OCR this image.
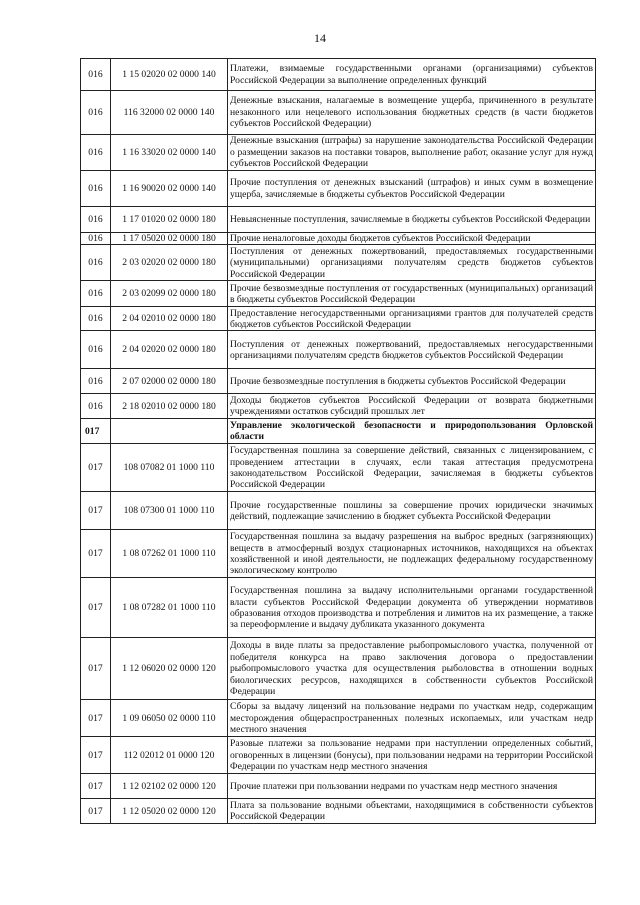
14
016	1 15 02020 02 0000 140	Платежи, взимаемые государственными органами (организациями) субъектов Российской Федерации за выполнение определенных функций
016	116 32000 02 0000 140	Денежные взыскания, налагаемые в возмещение ущерба, причиненного в результате незаконного или нецелевого использования бюджетных средств (в части бюджетов субъектов Российской Федерации)
016	1 16 33020 02 0000 140	Денежные взыскания (штрафы) за нарушение законодательства Российской Федерации о размещении заказов на поставки товаров, выполнение работ, оказание услуг для нужд субъектов Российской Федерации
016	1 16 90020 02 0000 140	Прочие поступления от денежных взысканий (штрафов) и иных сумм в возмещение ущерба, зачисляемые в бюджеты субъектов Российской Федерации
016	1 17 01020 02 0000 180	Невыясненные поступления, зачисляемые в бюджеты субъектов Российской Федерации
016	1 17 05020 02 0000 180	Прочие неналоговые доходы бюджетов субъектов Российской Федерации
016	2 03 02020 02 0000 180	Поступления от денежных пожертвований, предоставляемых государственными (муниципальными) организациями получателям средств бюджетов субъектов Российской Федерации
016	2 03 02099 02 0000 180	Прочие безвозмездные поступления от государственных (муниципальных) организаций в бюджеты субъектов Российской Федерации
016	2 04 02010 02 0000 180	Предоставление негосударственными организациями грантов для получателей средств бюджетов субъектов Российской Федерации
016	2 04 02020 02 0000 180	Поступления от денежных пожертвований, предоставляемых негосударственными организациями получателям средств бюджетов субъектов Российской Федерации
016	2 07 02000 02 0000 180	Прочие безвозмездные поступления в бюджеты субъектов Российской Федерации
016	2 18 02010 02 0000 180	Доходы бюджетов субъектов Российской Федерации от возврата бюджетными учреждениями остатков субсидий прошлых лет
017		Управление экологической безопасности и природопользования Орловской области
017	108 07082 01 1000 110	Государственная пошлина за совершение действий, связанных с лицензированием, с проведением аттестации в случаях, если такая аттестация предусмотрена законодательством Российской Федерации, зачисляемая в бюджеты субъектов Российской Федерации
017	108 07300 01 1000 110	Прочие государственные пошлины за совершение прочих юридически значимых действий, подлежащие зачислению в бюджет субъекта Российской Федерации
017	1 08 07262 01 1000 110	Государственная пошлина за выдачу разрешения на выброс вредных (загрязняющих) веществ в атмосферный воздух стационарных источников, находящихся на объектах хозяйственной и иной деятельности, не подлежащих федеральному государственному экологическому контролю
017	1 08 07282 01 1000 110	Государственная пошлина за выдачу исполнительными органами государственной власти субъектов Российской Федерации документа об утверждении нормативов образования отходов производства и потребления и лимитов на их размещение, а также за переоформление и выдачу дубликата указанного документа
017	1 12 06020 02 0000 120	Доходы в виде платы за предоставление рыбопромыслового участка, полученной от победителя конкурса на право заключения договора о предоставлении рыбопромыслового участка для осуществления рыболовства в отношении водных биологических ресурсов, находящихся в собственности субъектов Российской Федерации
017	1 09 06050 02 0000 110	Сборы за выдачу лицензий на пользование недрами по участкам недр, содержащим месторождения общераспространенных полезных ископаемых, или участкам недр местного значения
017	112 02012 01 0000 120	Разовые платежи за пользование недрами при наступлении определенных событий, оговоренных в лицензии (бонусы), при пользовании недрами на территории Российской Федерации по участкам недр местного значения
017	1 12 02102 02 0000 120	Прочие платежи при пользовании недрами по участкам недр местного значения
017	1 12 05020 02 0000 120	Плата за пользование водными объектами, находящимися в собственности субъектов Российской Федерации
